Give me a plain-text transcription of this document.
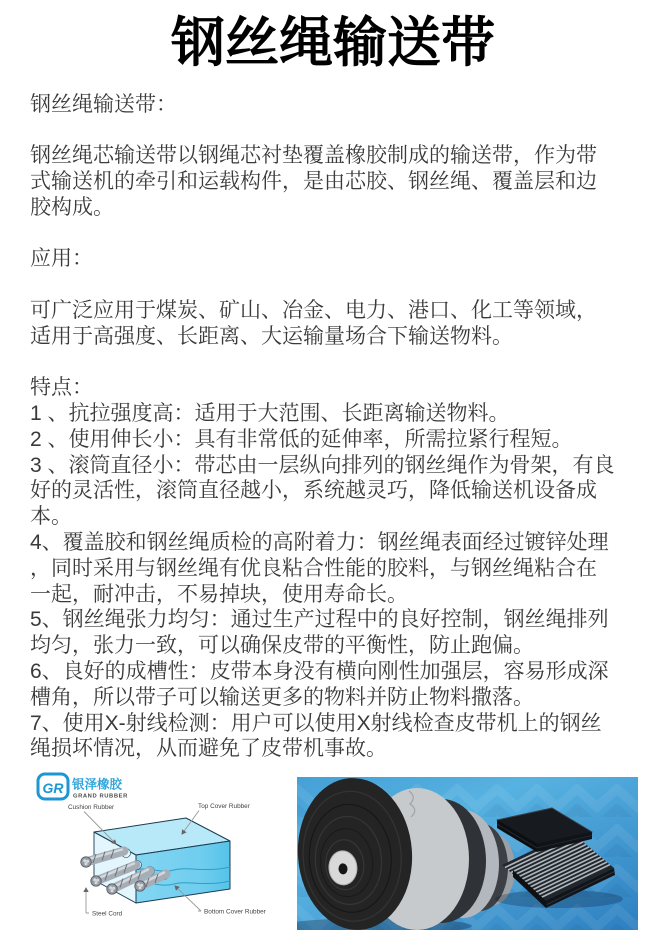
钢丝绳输送带

钢丝绳输送带：

钢丝绳芯输送带以钢绳芯衬垫覆盖橡胶制成的输送带，作为带式输送机的牵引和运载构件，是由芯胶、钢丝绳、覆盖层和边胶构成。

应用：

可广泛应用于煤炭、矿山、冶金、电力、港口、化工等领域，适用于高强度、长距离、大运输量场合下输送物料。

特点：

1 、抗拉强度高：适用于大范围、长距离输送物料。

2 、使用伸长小：具有非常低的延伸率，所需拉紧行程短。

3 、滚筒直径小：带芯由一层纵向排列的钢丝绳作为骨架，有良好的灵活性，滚筒直径越小，系统越灵巧，降低输送机设备成本。

4、覆盖胶和钢丝绳质检的高附着力：钢丝绳表面经过镀锌处理，同时采用与钢丝绳有优良粘合性能的胶料，与钢丝绳粘合在一起，耐冲击，不易掉块，使用寿命长。

5、钢丝绳张力均匀：通过生产过程中的良好控制，钢丝绳排列均匀，张力一致，可以确保皮带的平衡性，防止跑偏。

6、良好的成槽性：皮带本身没有横向刚性加强层，容易形成深槽角，所以带子可以输送更多的物料并防止物料撒落。

7、使用X-射线检测：用户可以使用X射线检查皮带机上的钢丝绳损坏情况，从而避免了皮带机事故。

GR 银泽橡胶
GRAND RUBBER
Cushion Rubber	Top Cover Rubber
Steel Cord	Bottom Cover Rubber
